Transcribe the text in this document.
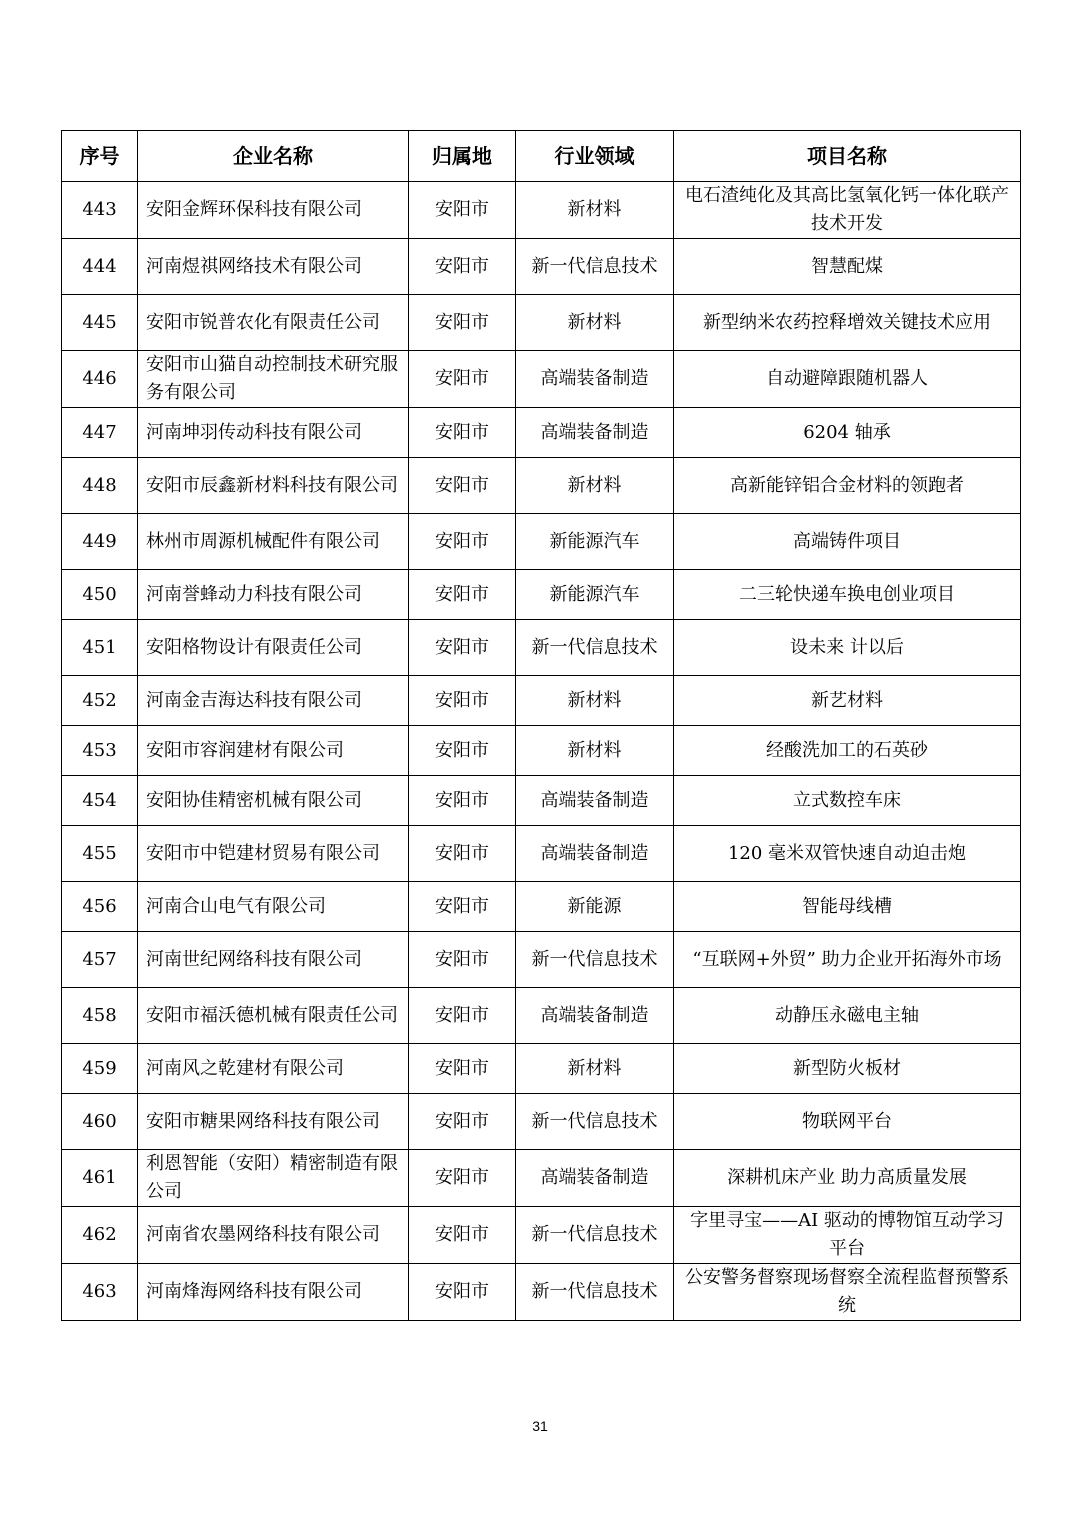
序号	企业名称	归属地	行业领域	项目名称
443	安阳金辉环保科技有限公司	安阳市	新材料	电石渣纯化及其高比氢氧化钙一体化联产技术开发
444	河南煜祺网络技术有限公司	安阳市	新一代信息技术	智慧配煤
445	安阳市锐普农化有限责任公司	安阳市	新材料	新型纳米农药控释增效关键技术应用
446	安阳市山猫自动控制技术研究服务有限公司	安阳市	高端装备制造	自动避障跟随机器人
447	河南坤羽传动科技有限公司	安阳市	高端装备制造	6204 轴承
448	安阳市辰鑫新材料科技有限公司	安阳市	新材料	高新能锌铝合金材料的领跑者
449	林州市周源机械配件有限公司	安阳市	新能源汽车	高端铸件项目
450	河南誉蜂动力科技有限公司	安阳市	新能源汽车	二三轮快递车换电创业项目
451	安阳格物设计有限责任公司	安阳市	新一代信息技术	设未来 计以后
452	河南金吉海达科技有限公司	安阳市	新材料	新艺材料
453	安阳市容润建材有限公司	安阳市	新材料	经酸洗加工的石英砂
454	安阳协佳精密机械有限公司	安阳市	高端装备制造	立式数控车床
455	安阳市中铠建材贸易有限公司	安阳市	高端装备制造	120 毫米双管快速自动迫击炮
456	河南合山电气有限公司	安阳市	新能源	智能母线槽
457	河南世纪网络科技有限公司	安阳市	新一代信息技术	“互联网+外贸” 助力企业开拓海外市场
458	安阳市福沃德机械有限责任公司	安阳市	高端装备制造	动静压永磁电主轴
459	河南风之乾建材有限公司	安阳市	新材料	新型防火板材
460	安阳市糖果网络科技有限公司	安阳市	新一代信息技术	物联网平台
461	利恩智能（安阳）精密制造有限公司	安阳市	高端装备制造	深耕机床产业 助力高质量发展
462	河南省农墨网络科技有限公司	安阳市	新一代信息技术	字里寻宝——AI 驱动的博物馆互动学习平台
463	河南烽海网络科技有限公司	安阳市	新一代信息技术	公安警务督察现场督察全流程监督预警系统
31
